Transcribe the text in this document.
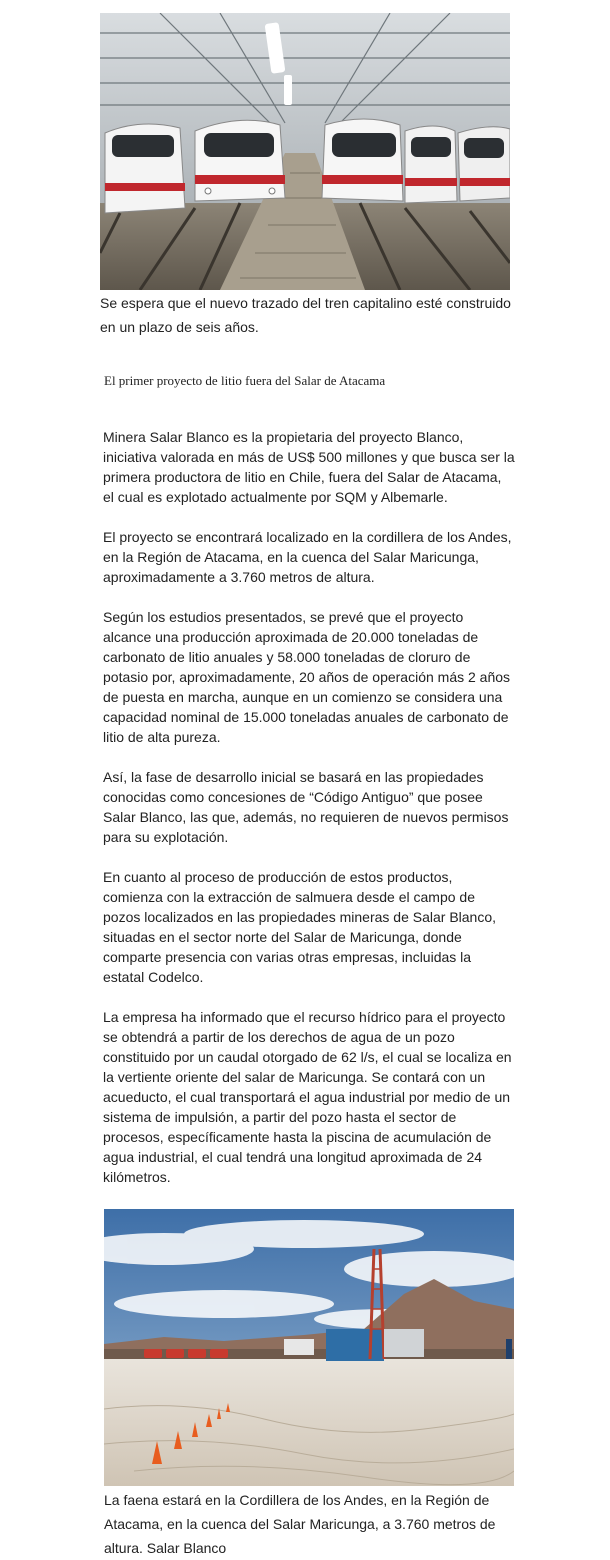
Se espera que el nuevo trazado del tren capitalino esté construido en un plazo de seis años.
El primer proyecto de litio fuera del Salar de Atacama

Minera Salar Blanco es la propietaria del proyecto Blanco, iniciativa valorada en más de US$ 500 millones y que busca ser la primera productora de litio en Chile, fuera del Salar de Atacama, el cual es explotado actualmente por SQM y Albemarle.

El proyecto se encontrará localizado en la cordillera de los Andes, en la Región de Atacama, en la cuenca del Salar Maricunga, aproximadamente a 3.760 metros de altura.

Según los estudios presentados, se prevé que el proyecto alcance una producción aproximada de 20.000 toneladas de carbonato de litio anuales y 58.000 toneladas de cloruro de potasio por, aproximadamente, 20 años de operación más 2 años de puesta en marcha, aunque en un comienzo se considera una capacidad nominal de 15.000 toneladas anuales de carbonato de litio de alta pureza.

Así, la fase de desarrollo inicial se basará en las propiedades conocidas como concesiones de “Código Antiguo” que posee Salar Blanco, las que, además, no requieren de nuevos permisos para su explotación.

En cuanto al proceso de producción de estos productos, comienza con la extracción de salmuera desde el campo de pozos localizados en las propiedades mineras de Salar Blanco, situadas en el sector norte del Salar de Maricunga, donde comparte presencia con varias otras empresas, incluidas la estatal Codelco.

La empresa ha informado que el recurso hídrico para el proyecto se obtendrá a partir de los derechos de agua de un pozo constituido por un caudal otorgado de 62 l/s, el cual se localiza en la vertiente oriente del salar de Maricunga. Se contará con un acueducto, el cual transportará el agua industrial por medio de un sistema de impulsión, a partir del pozo hasta el sector de procesos, específicamente hasta la piscina de acumulación de agua industrial, el cual tendrá una longitud aproximada de 24 kilómetros.

La faena estará en la Cordillera de los Andes, en la Región de Atacama, en la cuenca del Salar Maricunga, a 3.760 metros de altura. Salar Blanco
